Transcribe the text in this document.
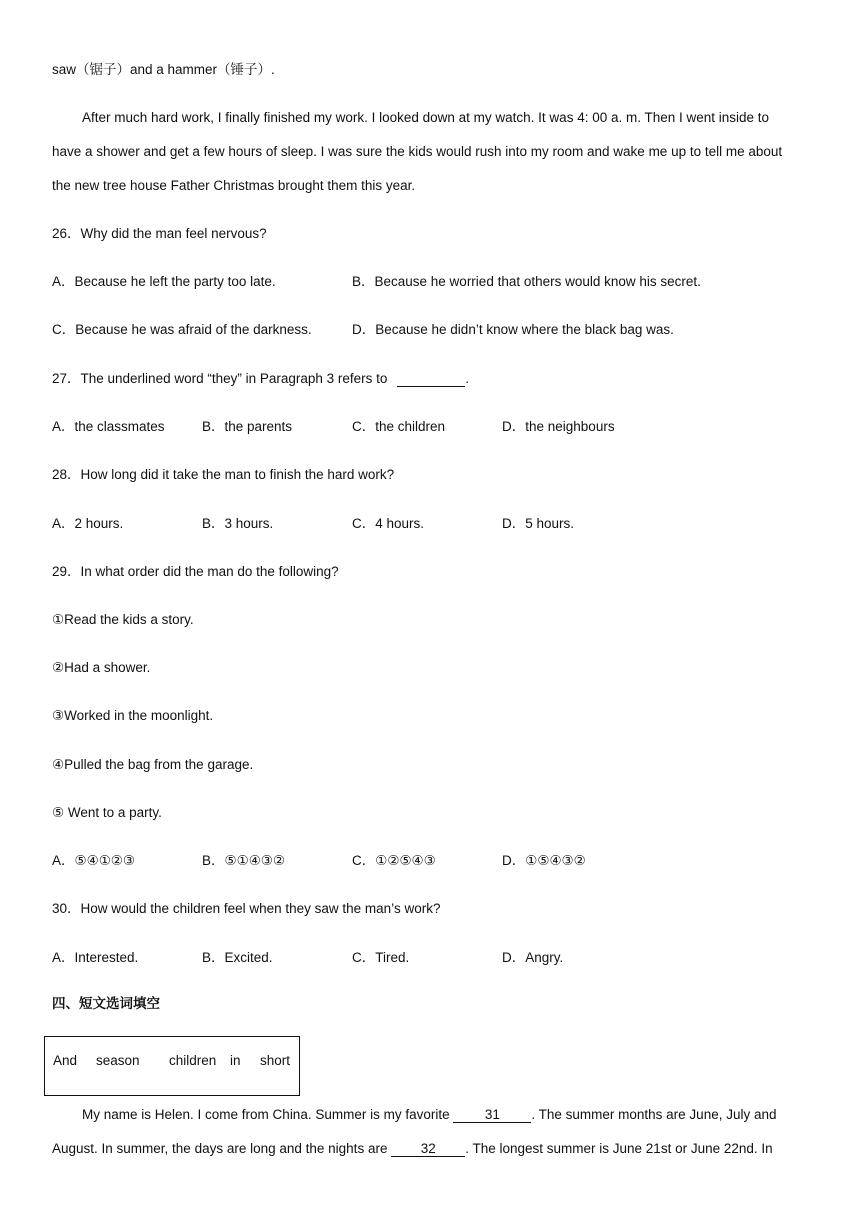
saw（锯子）and a hammer（锤子）.
After much hard work, I finally finished my work. I looked down at my watch. It was 4: 00 a. m. Then I went inside to
have a shower and get a few hours of sleep. I was sure the kids would rush into my room and wake me up to tell me about
the new tree house Father Christmas brought them this year.
26．Why did the man feel nervous?
A．Because he left the party too late.	B．Because he worried that others would know his secret.
C．Because he was afraid of the darkness.	D．Because he didn’t know where the black bag was.
27．The underlined word “they” in Paragraph 3 refers to	.
A．the classmates	B．the parents	C．the children	D．the neighbours
28．How long did it take the man to finish the hard work?
A．2 hours.	B．3 hours.	C．4 hours.	D．5 hours.
29．In what order did the man do the following?
①Read the kids a story.
②Had a shower.
③Worked in the moonlight.
④Pulled the bag from the garage.
⑤ Went to a party.
A．⑤④①②③	B．⑤①④③②	C．①②⑤④③	D．①⑤④③②
30．How would the children feel when they saw the man’s work?
A．Interested.	B．Excited.	C．Tired.	D．Angry.
四、短文选词填空
And season children in short
My name is Helen. I come from China. Summer is my favorite	31 . The summer months are June, July and
August. In summer, the days are long and the nights are 32 . The longest summer is June 21st or June 22nd. In
